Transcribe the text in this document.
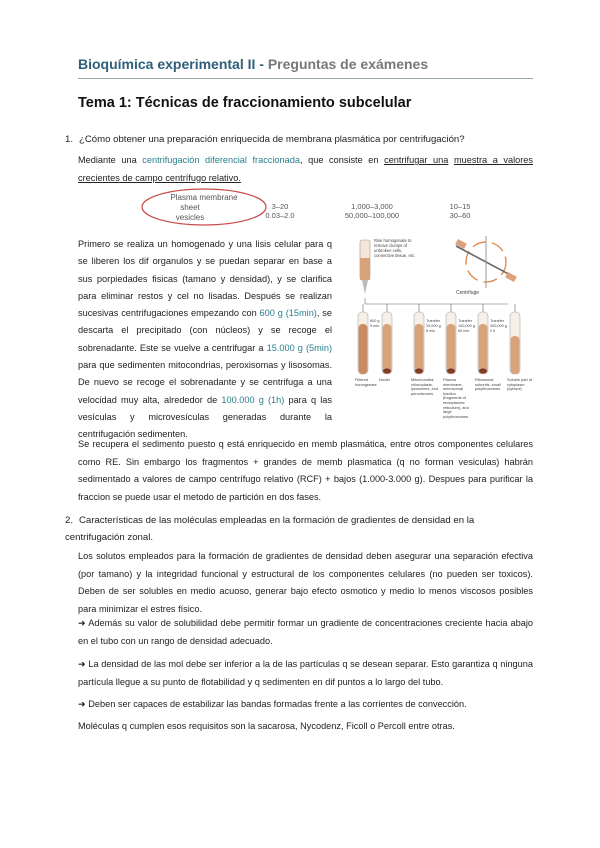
Bioquímica experimental II - Preguntas de exámenes
Tema 1: Técnicas de fraccionamiento subcelular
1. ¿Cómo obtener una preparación enriquecida de membrana plasmática por centrifugación?
Mediante una centrifugación diferencial fraccionada, que consiste en centrifugar una muestra a valores crecientes de campo centrífugo relativo.
Plasma membrane
sheet
vesicles
3–20
0.03–2.0
1,000–3,000
50,000–100,000
10–15
30–60
Primero se realiza un homogenado y una lisis celular para q se liberen los dif organulos y se puedan separar en base a sus porpiedades fisicas (tamano y densidad), y se clarifica para eliminar restos y cel no lisadas. Después se realizan sucesivas centrifugaciones empezando con 600 g (15min), se descarta el precipitado (con núcleos) y se recoge el sobrenadante. Este se vuelve a centrifugar a 15.000 g (5min) para que sedimenten mitocondrias, peroxisomas y lisosomas. De nuevo se recoge el sobrenadante y se centrifuga a una velocidad muy alta, alrededor de 100.000 g (1h) para q las vesículas y microvesículas generadas durante la centrifugación sedimenten.
Rise homogenate to remove clumps of unbroken cells, connective tissue, etc.
Centrifuge
600 g
5 min
Filtered homogenate
Nuclei
Transfer
15,000 g
5 min
Mitochondria, chloroplasts, lysosomes, and peroxisomes
Transfer
100,000 g
60 min
Plasma membrane, microsomal fraction (fragments of endoplasmic reticulum), and large polyribosomes
Transfer
300,000 g
2 h
Ribosomal subunits, small polyribosomes
Soluble part of cytoplasm (cytosol)
Se recupera el sedimento puesto q está enriquecido en memb plasmática, entre otros componentes celulares como RE. Sin embargo los fragmentos + grandes de memb plasmatica (q no forman vesiculas) habrán sedimentado a valores de campo centrífugo relativo (RCF) + bajos (1.000-3.000 g). Despues para purificar la fraccion se puede usar el metodo de partición en dos fases.
2. Características de las moléculas empleadas en la formación de gradientes de densidad en la centrifugación zonal.
Los solutos empleados para la formación de gradientes de densidad deben asegurar una separación efectiva (por tamano) y la integridad funcional y estructural de los componentes celulares (no pueden ser toxicos). Deben de ser solubles en medio acuoso, generar bajo efecto osmotico y medio lo menos viscosos posibles para minimizar el estres físico.
➜ Además su valor de solubilidad debe permitir formar un gradiente de concentraciones creciente hacia abajo en el tubo con un rango de densidad adecuado.
➜ La densidad de las mol debe ser inferior a la de las partículas q se desean separar. Esto garantiza q ninguna partícula llegue a su punto de flotabilidad y q sedimenten en dif puntos a lo largo del tubo.
➜ Deben ser capaces de estabilizar las bandas formadas frente a las corrientes de convección.
Moléculas q cumplen esos requisitos son la sacarosa, Nycodenz, Ficoll o Percoll entre otras.
